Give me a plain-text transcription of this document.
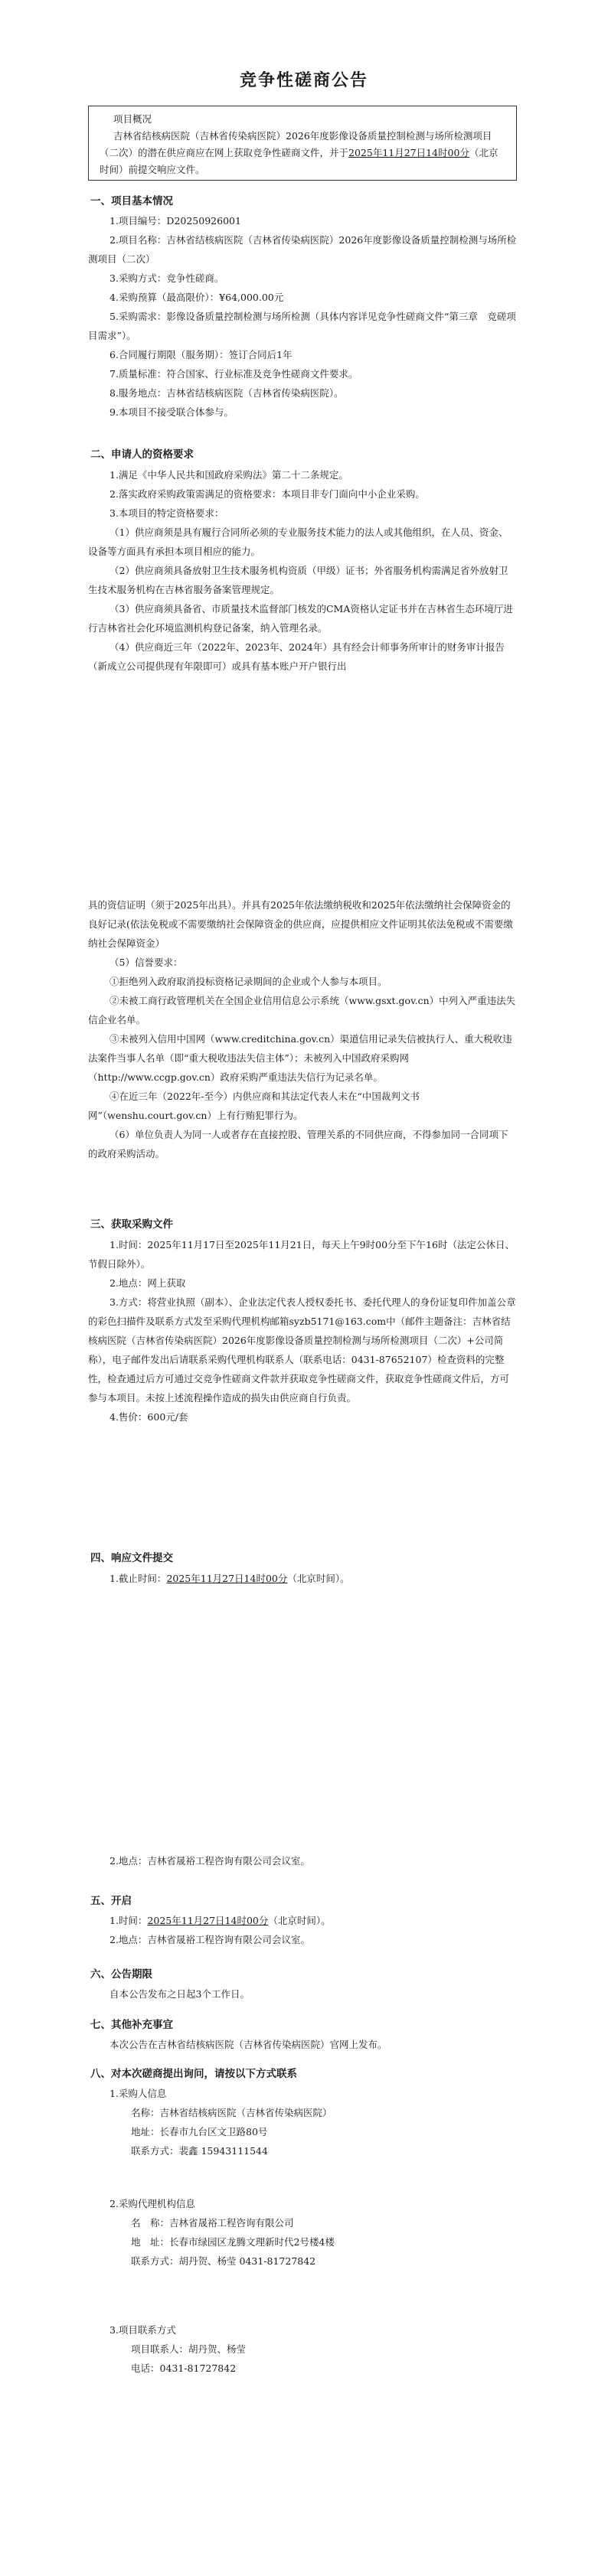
竞争性磋商公告
项目概况
吉林省结核病医院（吉林省传染病医院）2026年度影像设备质量控制检测与场所检测项目（二次）的潜在供应商应在网上获取竞争性磋商文件，并于2025年11月27日14时00分（北京时间）前提交响应文件。
一、项目基本情况

1.项目编号：D20250926001

2.项目名称：吉林省结核病医院（吉林省传染病医院）2026年度影像设备质量控制检测与场所检测项目（二次）

3.采购方式：竞争性磋商。

4.采购预算（最高限价）：¥64,000.00元

5.采购需求：影像设备质量控制检测与场所检测（具体内容详见竞争性磋商文件“第三章　竞磋项目需求”）。

6.合同履行期限（服务期）：签订合同后1年

7.质量标准：符合国家、行业标准及竞争性磋商文件要求。

8.服务地点：吉林省结核病医院（吉林省传染病医院）。

9.本项目不接受联合体参与。

二、申请人的资格要求

1.满足《中华人民共和国政府采购法》第二十二条规定。

2.落实政府采购政策需满足的资格要求：本项目非专门面向中小企业采购。

3.本项目的特定资格要求：

（1）供应商须是具有履行合同所必须的专业服务技术能力的法人或其他组织，在人员、资金、设备等方面具有承担本项目相应的能力。

（2）供应商须具备放射卫生技术服务机构资质（甲级）证书；外省服务机构需满足省外放射卫生技术服务机构在吉林省服务备案管理规定。

（3）供应商须具备省、市质量技术监督部门核发的CMA资格认定证书并在吉林省生态环境厅进行吉林省社会化环境监测机构登记备案，纳入管理名录。

（4）供应商近三年（2022年、2023年、2024年）具有经会计师事务所审计的财务审计报告（新成立公司提供现有年限即可）或具有基本账户开户银行出

具的资信证明（须于2025年出具）。并具有2025年依法缴纳税收和2025年依法缴纳社会保障资金的良好记录(依法免税或不需要缴纳社会保障资金的供应商，应提供相应文件证明其依法免税或不需要缴纳社会保障资金）

（5）信誉要求：

①拒绝列入政府取消投标资格记录期间的企业或个人参与本项目。

②未被工商行政管理机关在全国企业信用信息公示系统（www.gsxt.gov.cn）中列入严重违法失信企业名单。

③未被列入信用中国网（www.creditchina.gov.cn）渠道信用记录失信被执行人、重大税收违法案件当事人名单（即“重大税收违法失信主体”）；未被列入中国政府采购网（http://www.ccgp.gov.cn）政府采购严重违法失信行为记录名单。

④在近三年（2022年-至今）内供应商和其法定代表人未在“中国裁判文书网”（wenshu.court.gov.cn）上有行贿犯罪行为。

（6）单位负责人为同一人或者存在直接控股、管理关系的不同供应商，不得参加同一合同项下的政府采购活动。

三、获取采购文件

1.时间：2025年11月17日至2025年11月21日，每天上午9时00分至下午16时（法定公休日、节假日除外）。

2.地点：网上获取

3.方式：将营业执照（副本）、企业法定代表人授权委托书、委托代理人的身份证复印件加盖公章的彩色扫描件及联系方式发至采购代理机构邮箱syzb5171@163.com中（邮件主题备注：吉林省结核病医院（吉林省传染病医院）2026年度影像设备质量控制检测与场所检测项目（二次）+公司简称），电子邮件发出后请联系采购代理机构联系人（联系电话：0431-87652107）检查资料的完整性，检查通过后方可通过交竞争性磋商文件款并获取竞争性磋商文件，获取竞争性磋商文件后，方可参与本项目。未按上述流程操作造成的损失由供应商自行负责。

4.售价：600元/套

四、响应文件提交

1.截止时间：2025年11月27日14时00分（北京时间）。

2.地点：吉林省晟裕工程咨询有限公司会议室。

五、开启

1.时间：2025年11月27日14时00分（北京时间）。

2.地点：吉林省晟裕工程咨询有限公司会议室。

六、公告期限

自本公告发布之日起3个工作日。

七、其他补充事宜

本次公告在吉林省结核病医院（吉林省传染病医院）官网上发布。

八、对本次磋商提出询问，请按以下方式联系

1.采购人信息

名称：吉林省结核病医院（吉林省传染病医院）

地址：长春市九台区文卫路80号

联系方式：裴鑫 15943111544

2.采购代理机构信息

名　称：吉林省晟裕工程咨询有限公司

地　址：长春市绿园区龙腾文理新时代2号楼4楼

联系方式：胡丹贺、杨莹 0431-81727842

3.项目联系方式

项目联系人：胡丹贺、杨莹

电话：0431-81727842
